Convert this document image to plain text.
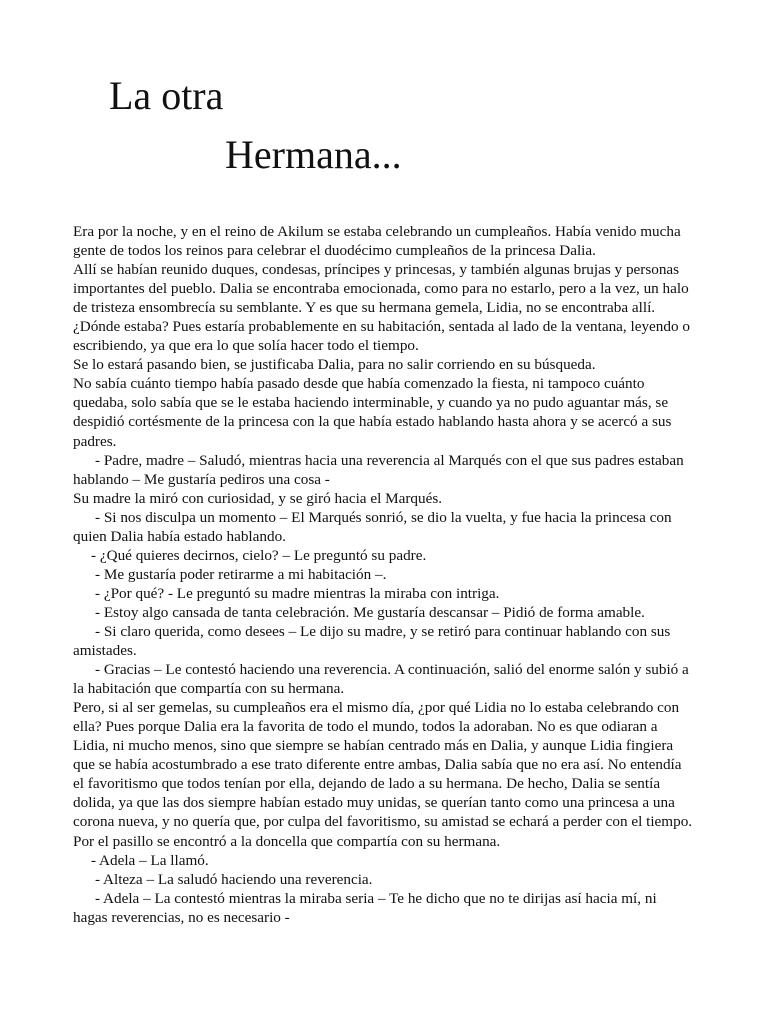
La otra
Hermana...

Era por la noche, y en el reino de Akilum se estaba celebrando un cumpleaños. Había venido mucha gente de todos los reinos para celebrar el duodécimo cumpleaños de la princesa Dalia.

Allí se habían reunido duques, condesas, príncipes y princesas, y también algunas brujas y personas importantes del pueblo. Dalia se encontraba emocionada, como para no estarlo, pero a la vez, un halo de tristeza ensombrecía su semblante. Y es que su hermana gemela, Lidia, no se encontraba allí. ¿Dónde estaba? Pues estaría probablemente en su habitación, sentada al lado de la ventana, leyendo o escribiendo, ya que era lo que solía hacer todo el tiempo.

Se lo estará pasando bien, se justificaba Dalia, para no salir corriendo en su búsqueda.

No sabía cuánto tiempo había pasado desde que había comenzado la fiesta, ni tampoco cuánto quedaba, solo sabía que se le estaba haciendo interminable, y cuando ya no pudo aguantar más, se despidió cortésmente de la princesa con la que había estado hablando hasta ahora y se acercó a sus padres.

- Padre, madre – Saludó, mientras hacia una reverencia al Marqués con el que sus padres estaban hablando – Me gustaría pediros una cosa -

Su madre la miró con curiosidad, y se giró hacia el Marqués.

- Si nos disculpa un momento – El Marqués sonrió, se dio la vuelta, y fue hacia la princesa con quien Dalia había estado hablando.

- ¿Qué quieres decirnos, cielo? – Le preguntó su padre.

- Me gustaría poder retirarme a mi habitación –.

- ¿Por qué? - Le preguntó su madre mientras la miraba con intriga.

- Estoy algo cansada de tanta celebración. Me gustaría descansar – Pidió de forma amable.

- Si claro querida, como desees – Le dijo su madre, y se retiró para continuar hablando con sus amistades.

- Gracias – Le contestó haciendo una reverencia. A continuación, salió del enorme salón y subió a la habitación que compartía con su hermana.

Pero, si al ser gemelas, su cumpleaños era el mismo día, ¿por qué Lidia no lo estaba celebrando con ella? Pues porque Dalia era la favorita de todo el mundo, todos la adoraban. No es que odiaran a Lidia, ni mucho menos, sino que siempre se habían centrado más en Dalia, y aunque Lidia fingiera que se había acostumbrado a ese trato diferente entre ambas, Dalia sabía que no era así. No entendía el favoritismo que todos tenían por ella, dejando de lado a su hermana. De hecho, Dalia se sentía dolida, ya que las dos siempre habían estado muy unidas, se querían tanto como una princesa a una corona nueva, y no quería que, por culpa del favoritismo, su amistad se echará a perder con el tiempo.

Por el pasillo se encontró a la doncella que compartía con su hermana.

- Adela – La llamó.

- Alteza – La saludó haciendo una reverencia.

- Adela – La contestó mientras la miraba seria – Te he dicho que no te dirijas así hacia mí, ni hagas reverencias, no es necesario -
